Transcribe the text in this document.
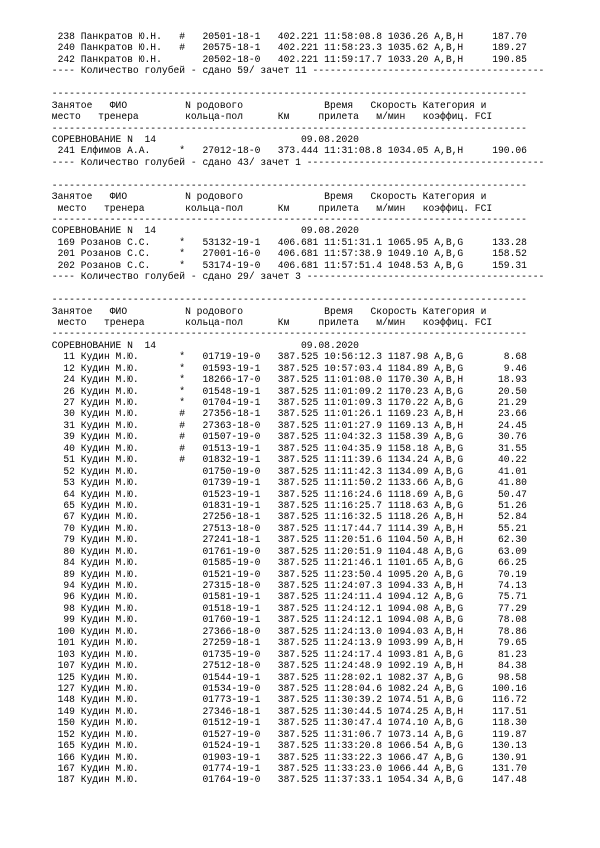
238 Панкратов Ю.Н.   #   20501-18-1   402.221 11:58:08.8 1036.26 A,B,H     187.70
240 Панкратов Ю.Н.   #   20575-18-1   402.221 11:58:23.3 1035.62 A,B,H     189.27
242 Панкратов Ю.Н.       20502-18-0   402.221 11:59:17.7 1033.20 A,B,H     190.85
---- Количество голубей - сдано 59/ зачет 11 ----------------------------------------
----------------------------------------------------------------------------------
Занятое   ФИО          N родового              Время   Скорость Категория и
место   тренера        кольца-пол      Км     прилета   м/мин   коэффиц. FCI
----------------------------------------------------------------------------------
СОРЕВНОВАНИЕ N  14                         09.08.2020
241 Елфимов А.А.     *   27012-18-0   373.444 11:31:08.8 1034.05 A,B,H     190.06
---- Количество голубей - сдано 43/ зачет 1 -----------------------------------------
----------------------------------------------------------------------------------
Занятое   ФИО          N родового              Время   Скорость Категория и
место   тренера       кольца-пол      Км     прилета   м/мин   коэффиц. FCI
----------------------------------------------------------------------------------
СОРЕВНОВАНИЕ N  14                         09.08.2020
169 Розанов С.С.     *   53132-19-1   406.681 11:51:31.1 1065.95 A,B,G     133.28
201 Розанов С.С.     *   27001-16-0   406.681 11:57:38.9 1049.10 A,B,G     158.52
202 Розанов С.С.     *   53174-19-0   406.681 11:57:51.4 1048.53 A,B,G     159.31
---- Количество голубей - сдано 29/ зачет 3 -----------------------------------------
----------------------------------------------------------------------------------
Занятое   ФИО          N родового              Время   Скорость Категория и
место   тренера       кольца-пол      Км     прилета   м/мин   коэффиц. FCI
----------------------------------------------------------------------------------
СОРЕВНОВАНИЕ N  14                         09.08.2020
11 Кудин М.Ю.       *   01719-19-0   387.525 10:56:12.3 1187.98 A,B,G       8.68
12 Кудин М.Ю.       *   01593-19-1   387.525 10:57:03.4 1184.89 A,B,G       9.46
24 Кудин М.Ю.       *   18266-17-0   387.525 11:01:08.0 1170.30 A,B,H      18.93
26 Кудин М.Ю.       *   01548-19-1   387.525 11:01:09.2 1170.23 A,B,G      20.50
27 Кудин М.Ю.       *   01704-19-1   387.525 11:01:09.3 1170.22 A,B,G      21.29
30 Кудин М.Ю.       #   27356-18-1   387.525 11:01:26.1 1169.23 A,B,H      23.66
31 Кудин М.Ю.       #   27363-18-0   387.525 11:01:27.9 1169.13 A,B,H      24.45
39 Кудин М.Ю.       #   01507-19-0   387.525 11:04:32.3 1158.39 A,B,G      30.76
40 Кудин М.Ю.       #   01513-19-1   387.525 11:04:35.9 1158.18 A,B,G      31.55
51 Кудин М.Ю.       #   01832-19-1   387.525 11:11:39.6 1134.24 A,B,G      40.22
52 Кудин М.Ю.           01750-19-0   387.525 11:11:42.3 1134.09 A,B,G      41.01
53 Кудин М.Ю.           01739-19-1   387.525 11:11:50.2 1133.66 A,B,G      41.80
64 Кудин М.Ю.           01523-19-1   387.525 11:16:24.6 1118.69 A,B,G      50.47
65 Кудин М.Ю.           01831-19-1   387.525 11:16:25.7 1118.63 A,B,G      51.26
67 Кудин М.Ю.           27256-18-1   387.525 11:16:32.5 1118.26 A,B,H      52.84
70 Кудин М.Ю.           27513-18-0   387.525 11:17:44.7 1114.39 A,B,H      55.21
79 Кудин М.Ю.           27241-18-1   387.525 11:20:51.6 1104.50 A,B,H      62.30
80 Кудин М.Ю.           01761-19-0   387.525 11:20:51.9 1104.48 A,B,G      63.09
84 Кудин М.Ю.           01585-19-0   387.525 11:21:46.1 1101.65 A,B,G      66.25
89 Кудин М.Ю.           01521-19-0   387.525 11:23:50.4 1095.20 A,B,G      70.19
94 Кудин М.Ю.           27315-18-0   387.525 11:24:07.3 1094.33 A,B,H      74.13
96 Кудин М.Ю.           01581-19-1   387.525 11:24:11.4 1094.12 A,B,G      75.71
98 Кудин М.Ю.           01518-19-1   387.525 11:24:12.1 1094.08 A,B,G      77.29
99 Кудин М.Ю.           01760-19-1   387.525 11:24:12.1 1094.08 A,B,G      78.08
100 Кудин М.Ю.           27366-18-0   387.525 11:24:13.0 1094.03 A,B,H      78.86
101 Кудин М.Ю.           27259-18-1   387.525 11:24:13.9 1093.99 A,B,H      79.65
103 Кудин М.Ю.           01735-19-0   387.525 11:24:17.4 1093.81 A,B,G      81.23
107 Кудин М.Ю.           27512-18-0   387.525 11:24:48.9 1092.19 A,B,H      84.38
125 Кудин М.Ю.           01544-19-1   387.525 11:28:02.1 1082.37 A,B,G      98.58
127 Кудин М.Ю.           01534-19-0   387.525 11:28:04.6 1082.24 A,B,G     100.16
148 Кудин М.Ю.           01773-19-1   387.525 11:30:39.2 1074.51 A,B,G     116.72
149 Кудин М.Ю.           27346-18-1   387.525 11:30:44.5 1074.25 A,B,H     117.51
150 Кудин М.Ю.           01512-19-1   387.525 11:30:47.4 1074.10 A,B,G     118.30
152 Кудин М.Ю.           01527-19-0   387.525 11:31:06.7 1073.14 A,B,G     119.87
165 Кудин М.Ю.           01524-19-1   387.525 11:33:20.8 1066.54 A,B,G     130.13
166 Кудин М.Ю.           01903-19-1   387.525 11:33:22.3 1066.47 A,B,G     130.91
167 Кудин М.Ю.           01774-19-1   387.525 11:33:23.0 1066.44 A,B,G     131.70
187 Кудин М.Ю.           01764-19-0   387.525 11:37:33.1 1054.34 A,B,G     147.48
